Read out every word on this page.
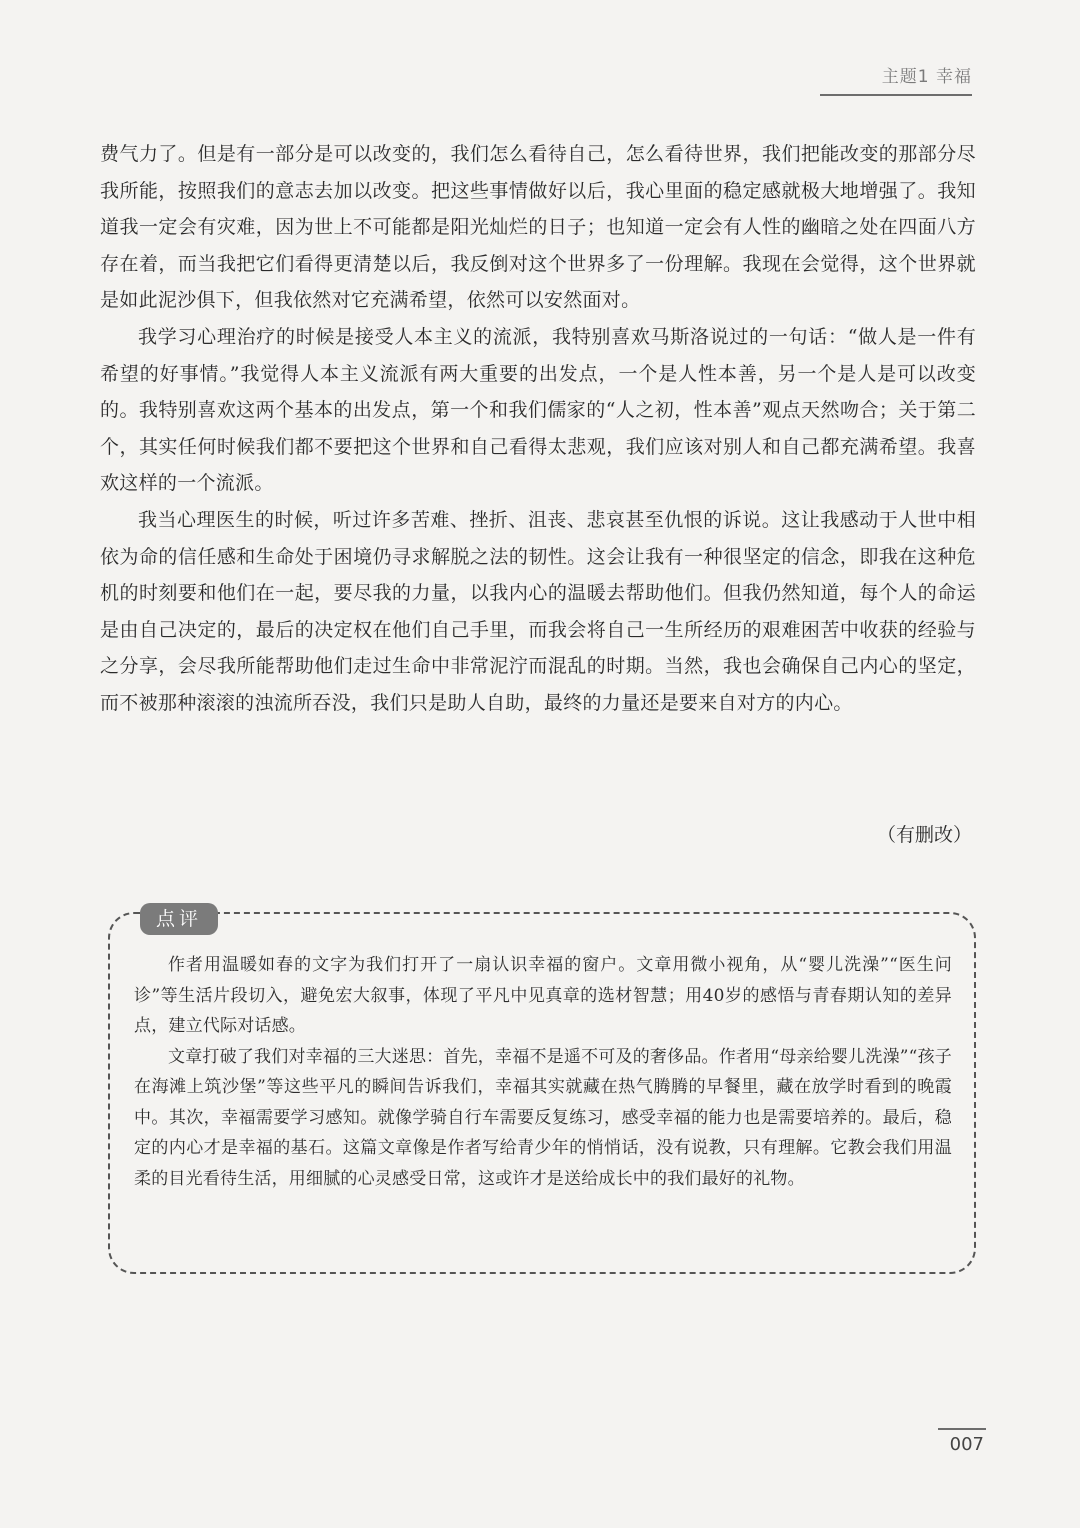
主题1 幸福

费气力了。但是有一部分是可以改变的，我们怎么看待自己，怎么看待世界，我们把能改变的那部分尽我所能，按照我们的意志去加以改变。把这些事情做好以后，我心里面的稳定感就极大地增强了。我知道我一定会有灾难，因为世上不可能都是阳光灿烂的日子；也知道一定会有人性的幽暗之处在四面八方存在着，而当我把它们看得更清楚以后，我反倒对这个世界多了一份理解。我现在会觉得，这个世界就是如此泥沙俱下，但我依然对它充满希望，依然可以安然面对。

我学习心理治疗的时候是接受人本主义的流派，我特别喜欢马斯洛说过的一句话：“做人是一件有希望的好事情。”我觉得人本主义流派有两大重要的出发点，一个是人性本善，另一个是人是可以改变的。我特别喜欢这两个基本的出发点，第一个和我们儒家的“人之初，性本善”观点天然吻合；关于第二个，其实任何时候我们都不要把这个世界和自己看得太悲观，我们应该对别人和自己都充满希望。我喜欢这样的一个流派。

我当心理医生的时候，听过许多苦难、挫折、沮丧、悲哀甚至仇恨的诉说。这让我感动于人世中相依为命的信任感和生命处于困境仍寻求解脱之法的韧性。这会让我有一种很坚定的信念，即我在这种危机的时刻要和他们在一起，要尽我的力量，以我内心的温暖去帮助他们。但我仍然知道，每个人的命运是由自己决定的，最后的决定权在他们自己手里，而我会将自己一生所经历的艰难困苦中收获的经验与之分享，会尽我所能帮助他们走过生命中非常泥泞而混乱的时期。当然，我也会确保自己内心的坚定，而不被那种滚滚的浊流所吞没，我们只是助人自助，最终的力量还是要来自对方的内心。

（有删改）
点评

作者用温暖如春的文字为我们打开了一扇认识幸福的窗户。文章用微小视角，从“婴儿洗澡”“医生问诊”等生活片段切入，避免宏大叙事，体现了平凡中见真章的选材智慧；用40岁的感悟与青春期认知的差异点，建立代际对话感。

文章打破了我们对幸福的三大迷思：首先，幸福不是遥不可及的奢侈品。作者用“母亲给婴儿洗澡”“孩子在海滩上筑沙堡”等这些平凡的瞬间告诉我们，幸福其实就藏在热气腾腾的早餐里，藏在放学时看到的晚霞中。其次，幸福需要学习感知。就像学骑自行车需要反复练习，感受幸福的能力也是需要培养的。最后，稳定的内心才是幸福的基石。这篇文章像是作者写给青少年的悄悄话，没有说教，只有理解。它教会我们用温柔的目光看待生活，用细腻的心灵感受日常，这或许才是送给成长中的我们最好的礼物。

007
